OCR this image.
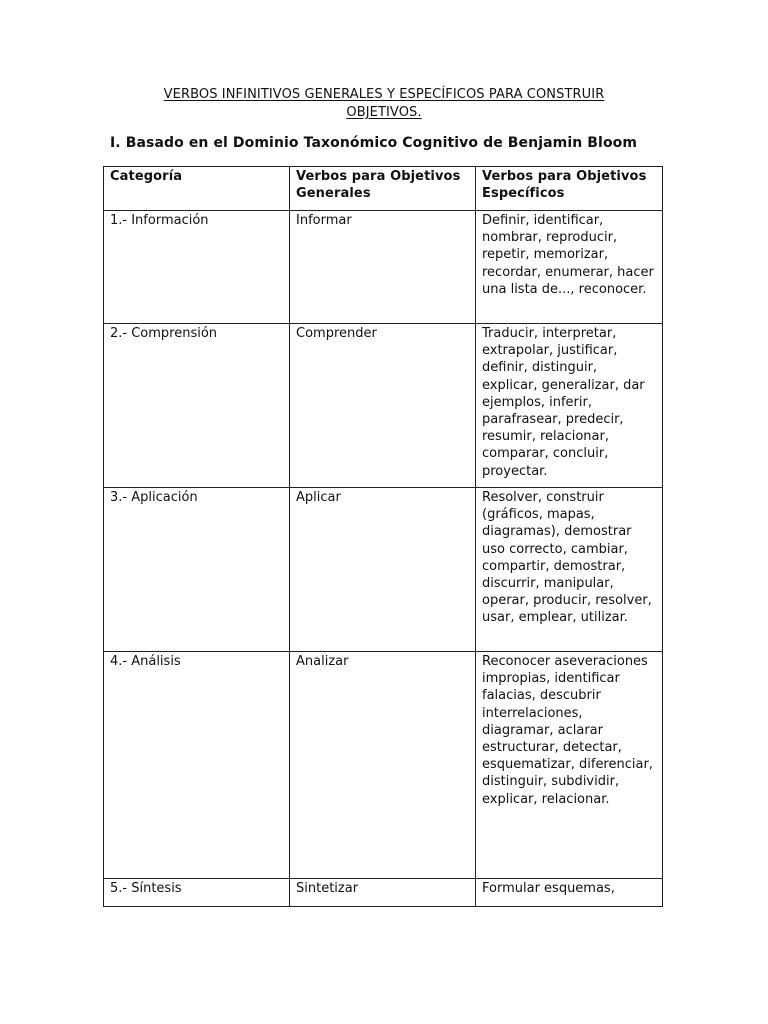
VERBOS INFINITIVOS GENERALES Y ESPECÍFICOS PARA CONSTRUIR OBJETIVOS.
I. Basado en el Dominio Taxonómico Cognitivo de Benjamin Bloom
Categoría	Verbos para Objetivos Generales	Verbos para Objetivos Específicos
1.- Información	Informar	Definir, identificar, nombrar, reproducir, repetir, memorizar, recordar, enumerar, hacer una lista de..., reconocer.
2.- Comprensión	Comprender	Traducir, interpretar, extrapolar, justificar, definir, distinguir, explicar, generalizar, dar ejemplos, inferir, parafrasear, predecir, resumir, relacionar, comparar, concluir, proyectar.
3.- Aplicación	Aplicar	Resolver, construir (gráficos, mapas, diagramas), demostrar uso correcto, cambiar, compartir, demostrar, discurrir, manipular, operar, producir, resolver, usar, emplear, utilizar.
4.- Análisis	Analizar	Reconocer aseveraciones impropias, identificar falacias, descubrir interrelaciones, diagramar, aclarar estructurar, detectar, esquematizar, diferenciar, distinguir, subdividir, explicar, relacionar.
5.- Síntesis	Sintetizar	Formular esquemas,
